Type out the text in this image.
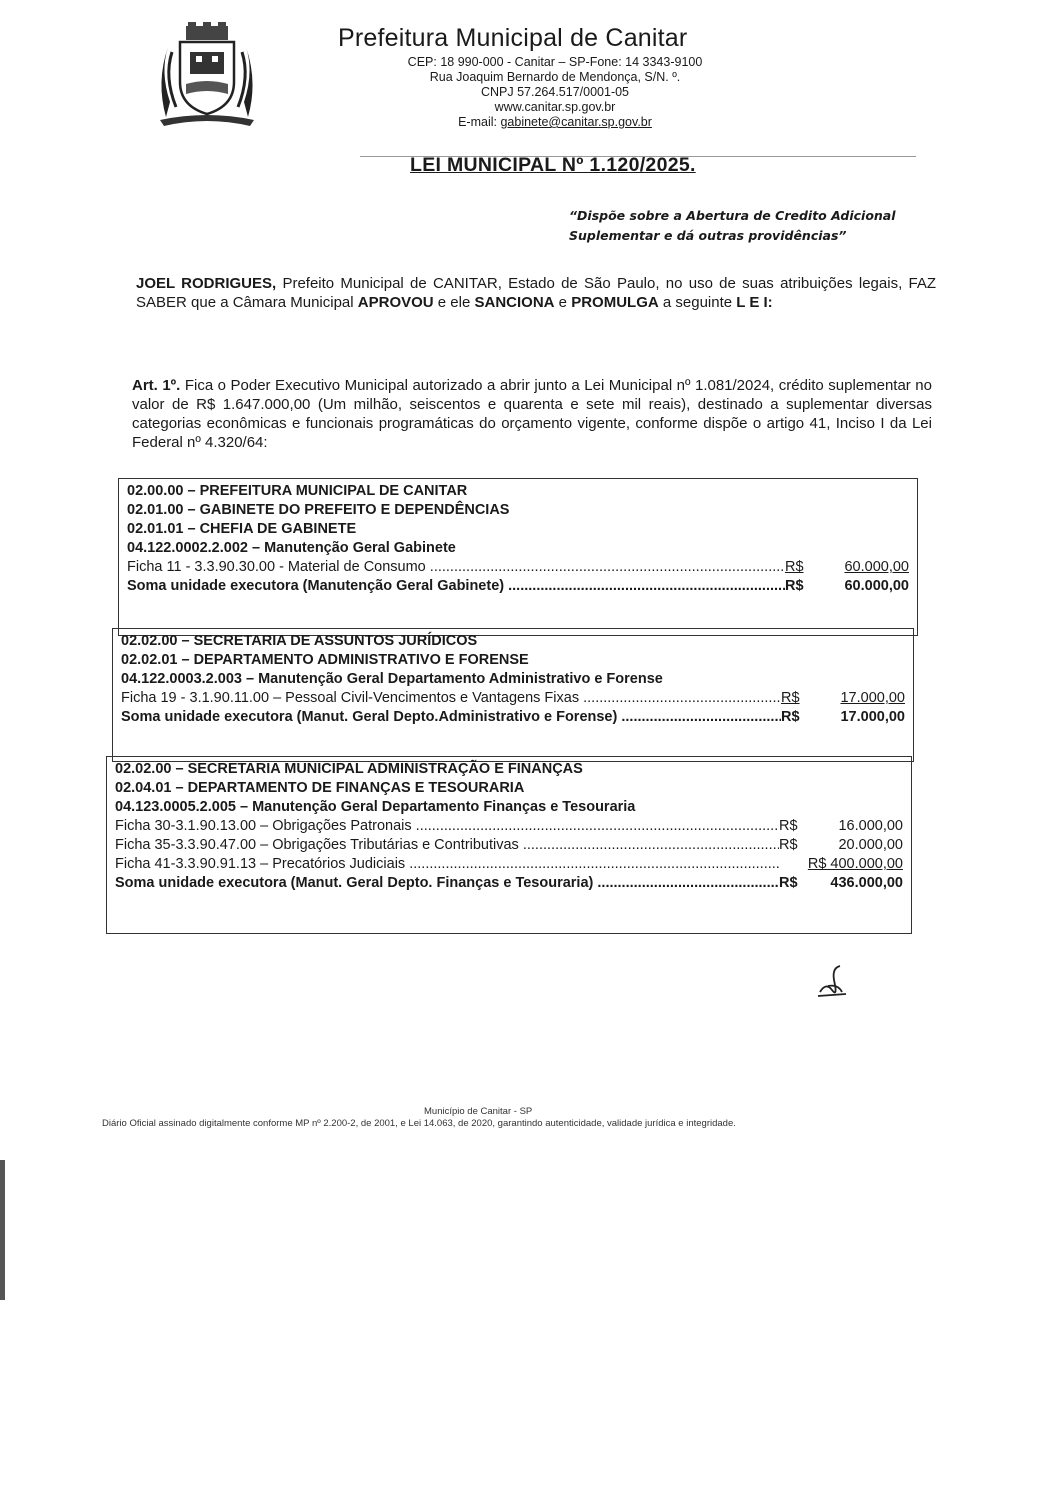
Prefeitura Municipal de Canitar
CEP: 18 990-000 - Canitar – SP-Fone: 14 3343-9100
Rua Joaquim Bernardo de Mendonça, S/N. º.
CNPJ 57.264.517/0001-05
www.canitar.sp.gov.br
E-mail: gabinete@canitar.sp.gov.br
LEI MUNICIPAL Nº 1.120/2025.
“Dispõe sobre a Abertura de Credito Adicional Suplementar e dá outras providências”
JOEL RODRIGUES, Prefeito Municipal de CANITAR, Estado de São Paulo, no uso de suas atribuições legais, FAZ SABER que a Câmara Municipal APROVOU e ele SANCIONA e PROMULGA a seguinte L E I:
Art. 1º. Fica o Poder Executivo Municipal autorizado a abrir junto a Lei Municipal nº 1.081/2024, crédito suplementar no valor de R$ 1.647.000,00 (Um milhão, seiscentos e quarenta e sete mil reais), destinado a suplementar diversas categorias econômicas e funcionais programáticas do orçamento vigente, conforme dispõe o artigo 41, Inciso I da Lei Federal nº 4.320/64:
02.00.00 – PREFEITURA MUNICIPAL DE CANITAR
02.01.00 – GABINETE DO PREFEITO E DEPENDÊNCIAS
02.01.01 – CHEFIA DE GABINETE
04.122.0002.2.002 – Manutenção Geral Gabinete
Ficha 11 - 3.3.90.30.00 - Material de Consumo .....	R$	60.000,00
Soma unidade executora (Manutenção Geral Gabinete) .....	R$	60.000,00
02.02.00 – SECRETARIA DE ASSUNTOS JURÍDICOS
02.02.01 – DEPARTAMENTO ADMINISTRATIVO E FORENSE
04.122.0003.2.003 – Manutenção Geral Departamento Administrativo e Forense
Ficha 19 - 3.1.90.11.00 – Pessoal Civil-Vencimentos e Vantagens Fixas .....	R$	17.000,00
Soma unidade executora (Manut. Geral Depto.Administrativo e Forense) .....	R$	17.000,00
02.02.00 – SECRETARIA MUNICIPAL ADMINISTRAÇÃO E FINANÇAS
02.04.01 – DEPARTAMENTO DE FINANÇAS E TESOURARIA
04.123.0005.2.005 – Manutenção Geral Departamento Finanças e Tesouraria
Ficha 30-3.1.90.13.00 – Obrigações Patronais .....	R$	16.000,00
Ficha 35-3.3.90.47.00 – Obrigações Tributárias e Contributivas .....	R$	20.000,00
Ficha 41-3.3.90.91.13 – Precatórios Judiciais .....	R$ 400.000,00
Soma unidade executora (Manut. Geral Depto. Finanças e Tesouraria) .....	R$	436.000,00
Município de Canitar - SP
Diário Oficial assinado digitalmente conforme MP nº 2.200-2, de 2001, e Lei 14.063, de 2020, garantindo autenticidade, validade jurídica e integridade.
